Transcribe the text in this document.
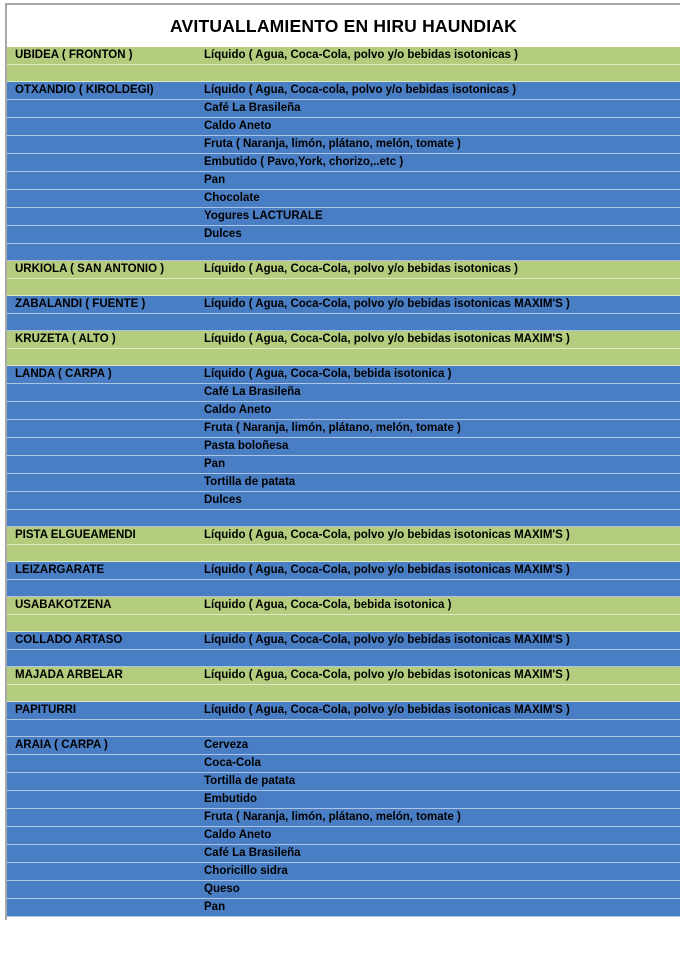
AVITUALLAMIENTO EN HIRU HAUNDIAK
UBIDEA ( FRONTON )	Líquido ( Agua, Coca-Cola, polvo y/o bebidas isotonicas )
OTXANDIO ( KIROLDEGI)	Líquido ( Agua, Coca-cola, polvo y/o bebidas isotonicas )
Café La Brasileña
Caldo Aneto
Fruta ( Naranja, limón, plátano, melón, tomate )
Embutido ( Pavo,York, chorizo,..etc )
Pan
Chocolate
Yogures LACTURALE
Dulces
URKIOLA ( SAN ANTONIO )	Líquido ( Agua, Coca-Cola, polvo y/o bebidas isotonicas )
ZABALANDI ( FUENTE )	Líquido ( Agua, Coca-Cola, polvo y/o bebidas isotonicas MAXIM'S )
KRUZETA ( ALTO )	Líquido ( Agua, Coca-Cola, polvo y/o bebidas isotonicas MAXIM'S )
LANDA ( CARPA )	Líquido ( Agua, Coca-Cola, bebida isotonica )
Café La Brasileña
Caldo Aneto
Fruta ( Naranja, limón, plátano, melón, tomate )
Pasta boloñesa
Pan
Tortilla de patata
Dulces
PISTA ELGUEAMENDI	Líquido ( Agua, Coca-Cola, polvo y/o bebidas isotonicas MAXIM'S )
LEIZARGARATE	Líquido ( Agua, Coca-Cola, polvo y/o bebidas isotonicas MAXIM'S )
USABAKOTZENA	Líquido ( Agua, Coca-Cola, bebida isotonica )
COLLADO ARTASO	Líquido ( Agua, Coca-Cola, polvo y/o bebidas isotonicas MAXIM'S )
MAJADA ARBELAR	Líquido ( Agua, Coca-Cola, polvo y/o bebidas isotonicas MAXIM'S )
PAPITURRI	Líquido ( Agua, Coca-Cola, polvo y/o bebidas isotonicas MAXIM'S )
ARAIA ( CARPA )	Cerveza
Coca-Cola
Tortilla de patata
Embutido
Fruta ( Naranja, limón, plátano, melón, tomate )
Caldo Aneto
Café La Brasileña
Choricillo sidra
Queso
Pan
